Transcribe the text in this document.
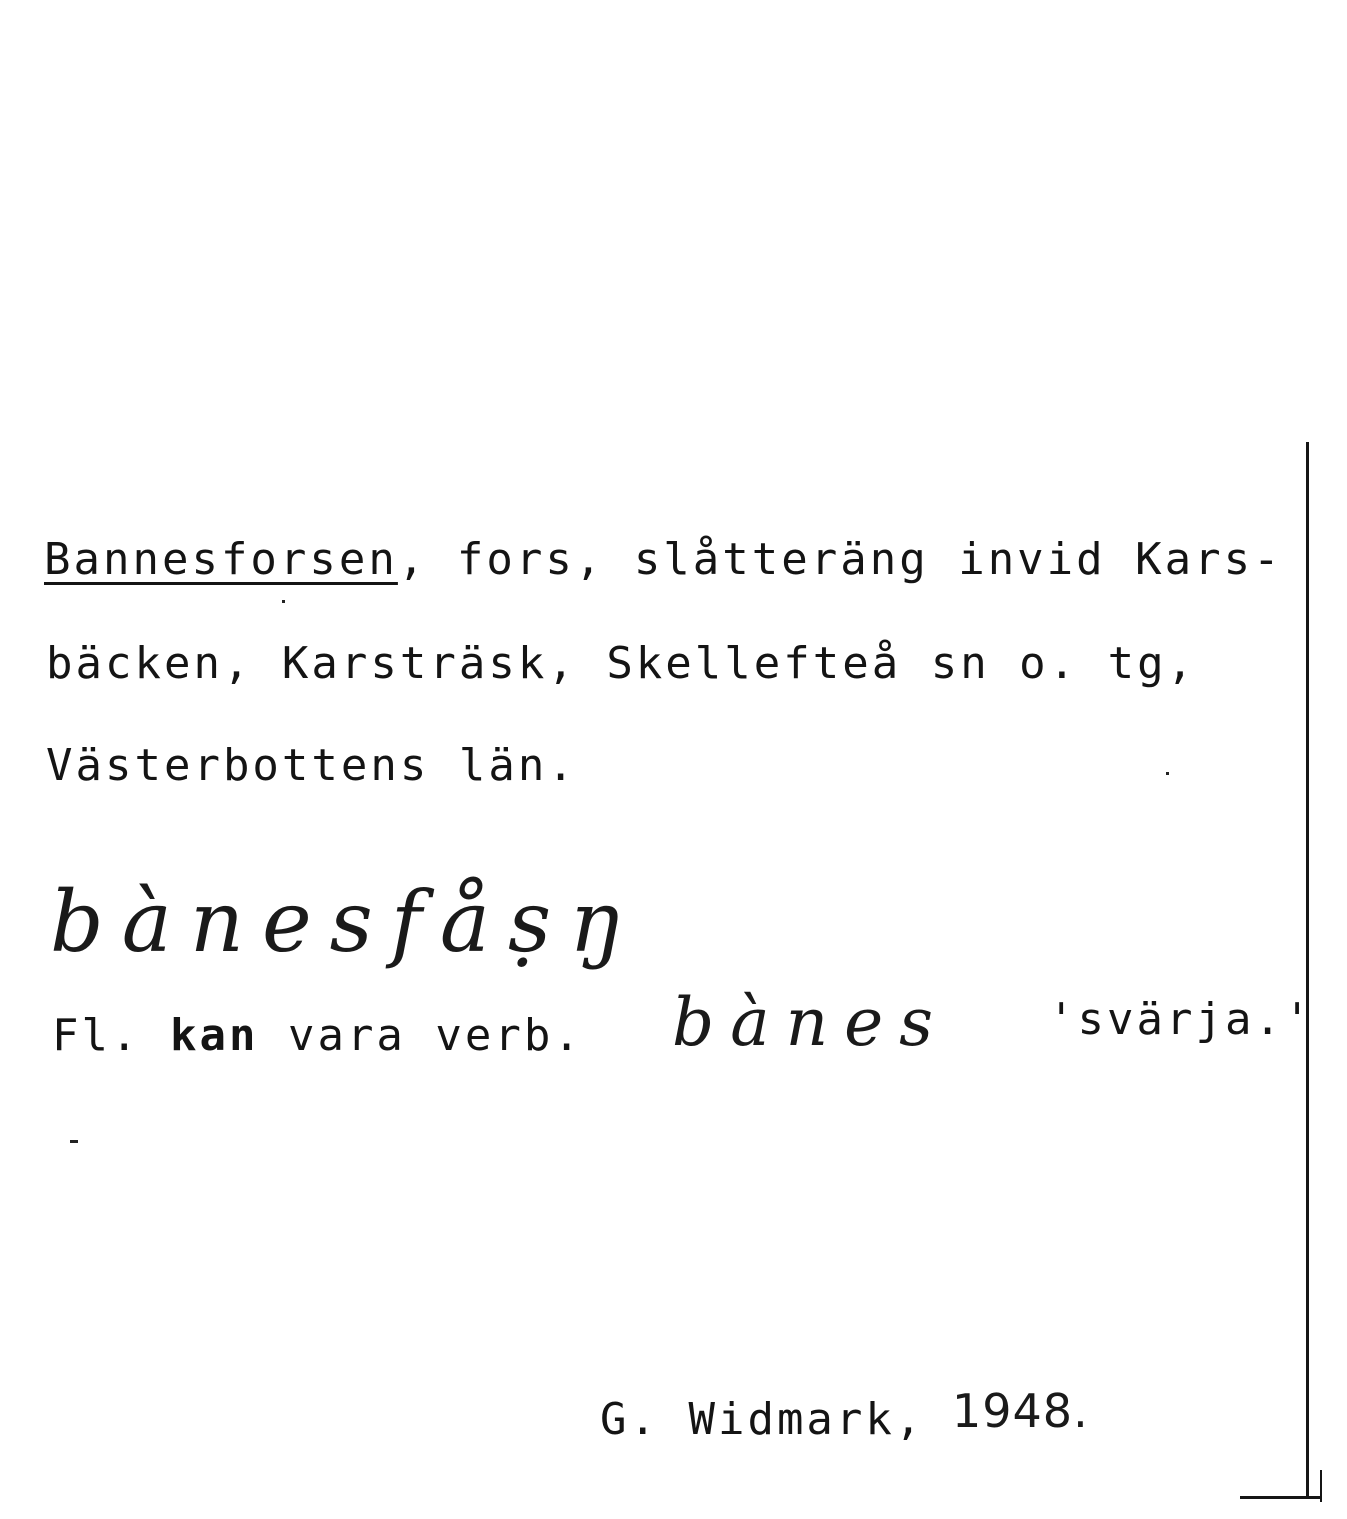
Bannesforsen, fors, slåtteräng invid Kars-
bäcken, Karsträsk, Skellefteå sn o. tg,
Västerbottens län.
bànesfåṣŋ
Fl. kan vara verb. bànes 'svärja.'
G. Widmark, 1948.
